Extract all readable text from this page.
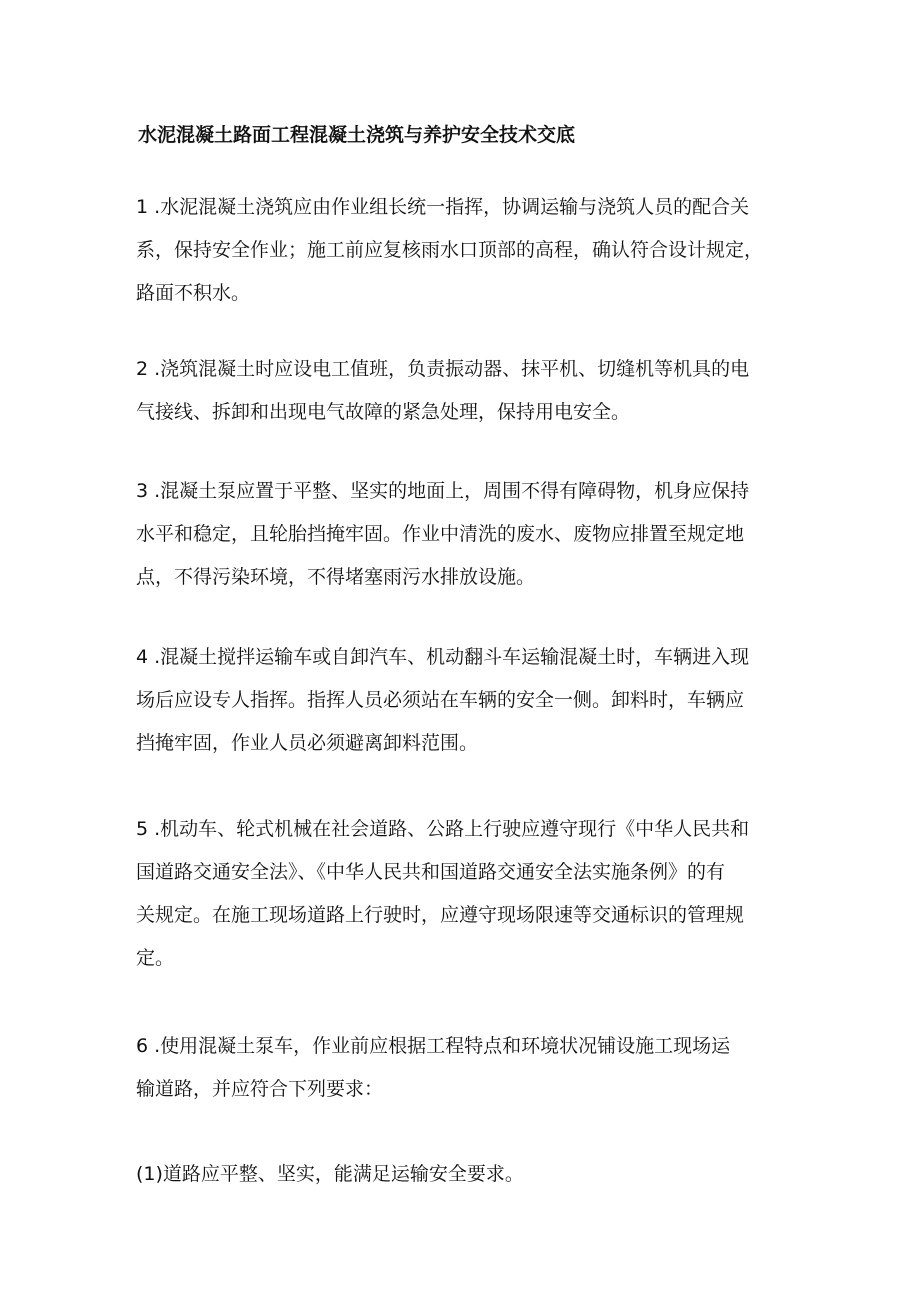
水泥混凝土路面工程混凝土浇筑与养护安全技术交底

1 .水泥混凝土浇筑应由作业组长统一指挥，协调运输与浇筑人员的配合关
系，保持安全作业；施工前应复核雨水口顶部的高程，确认符合设计规定，
路面不积水。

2 .浇筑混凝土时应设电工值班，负责振动器、抹平机、切缝机等机具的电
气接线、拆卸和出现电气故障的紧急处理，保持用电安全。

3 .混凝土泵应置于平整、坚实的地面上，周围不得有障碍物，机身应保持
水平和稳定，且轮胎挡掩牢固。作业中清洗的废水、废物应排置至规定地
点，不得污染环境，不得堵塞雨污水排放设施。

4 .混凝土搅拌运输车或自卸汽车、机动翻斗车运输混凝土时，车辆进入现
场后应设专人指挥。指挥人员必须站在车辆的安全一侧。卸料时，车辆应
挡掩牢固，作业人员必须避离卸料范围。

5 .机动车、轮式机械在社会道路、公路上行驶应遵守现行《中华人民共和
国道路交通安全法》、《中华人民共和国道路交通安全法实施条例》的有
关规定。在施工现场道路上行驶时，应遵守现场限速等交通标识的管理规
定。

6 .使用混凝土泵车，作业前应根据工程特点和环境状况铺设施工现场运
输道路，并应符合下列要求：

(1)道路应平整、坚实，能满足运输安全要求。
